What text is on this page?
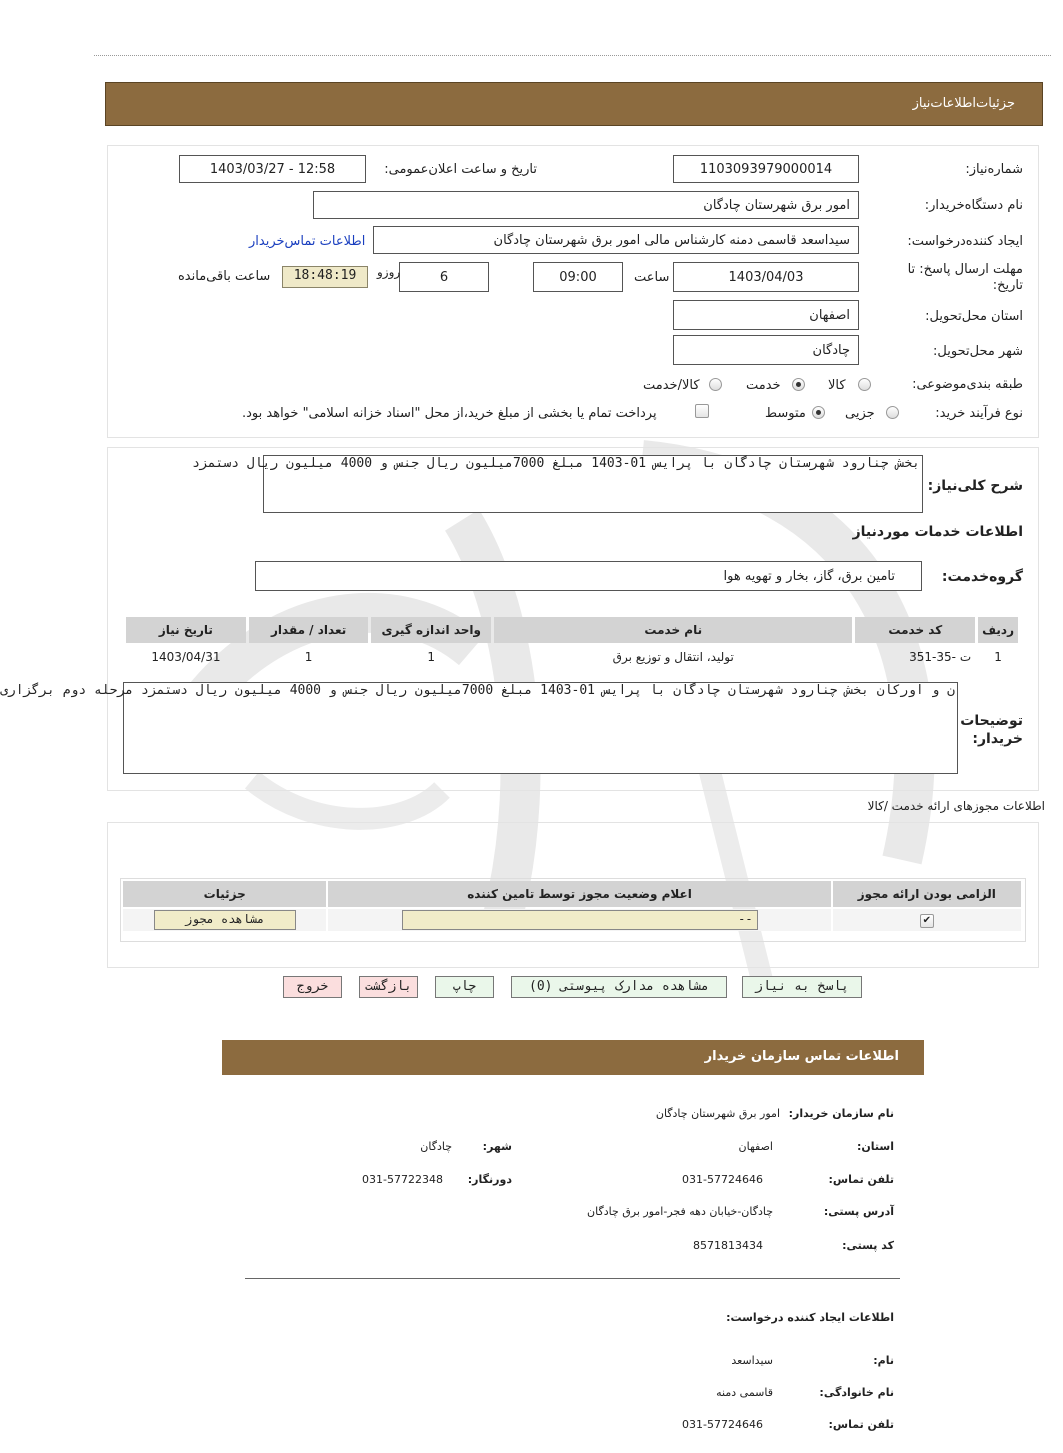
جزئیات‌اطلاعات‌نیاز
شماره‌نیاز:
1103093979000014
تاریخ و ساعت اعلان‌عمومی:
1403/03/27 - 12:58
نام دستگاه‌خریدار:
امور برق شهرستان چادگان
ایجاد کننده‌درخواست:
سیداسعد قاسمی دمنه کارشناس مالی امور برق شهرستان چادگان
اطلاعات تماس‌خریدار
مهلت ارسال پاسخ: تا تاریخ:
1403/04/03
ساعت
09:00
6
روزو
18:48:19
ساعت باقی‌مانده
استان محل‌تحویل:
اصفهان
شهر محل‌تحویل:
چادگان
طبقه بندی‌موضوعی:
کالا
خدمت
کالا/خدمت
نوع فرآیند خرید:
جزیی
متوسط
پرداخت تمام یا بخشی از مبلغ خرید،از محل "اسناد خزانه اسلامی" خواهد بود.
شرح کلی‌نیاز:
بخش چنارود شهرستان چادگان با پرایس 01-1403 مبلغ 7000میلیون ریال جنس و 4000 میلیون ریال دستمزد
اطلاعات خدمات مورد‌نیاز
گروه‌خدمت:
تامین برق، گاز، بخار و تهویه هوا
ردیف	کد خدمت	نام خدمت	واحد اندازه گیری	تعداد / مقدار	تاریخ نیاز
1	ت -35-351	تولید، انتقال و توزیع برق	1	1	1403/04/31
توضیحات خریدار:
ن و اورکان بخش چنارود شهرستان چادگان با پرایس 01-1403 مبلغ 7000میلیون ریال جنس و 4000 میلیون ریال دستمزد مرحله دوم برگزاری
اطلاعات مجوزهای ارائه خدمت /کالا
الزامی بودن ارائه مجوز	اعلام وضعیت مجوز توسط تامین کننده	جزئیات
✔	--	مشاهده مجوز
پاسخ به نیاز
مشاهده مدارک پیوستی (0)
چاپ
بازگشت
خروج
اطلاعات تماس سازمان خریدار
نام سازمان خریدار:
امور برق شهرستان چادگان
استان:
اصفهان
شهر:
چادگان
تلفن تماس:
031-57724646
دورنگار:
031-57722348
آدرس پستی:
چادگان-خیابان دهه فجر-امور برق چادگان
کد پستی:
8571813434
اطلاعات ایجاد کننده درخواست:
نام:
سیداسعد
نام خانوادگی:
قاسمی دمنه
تلفن تماس:
031-57724646
